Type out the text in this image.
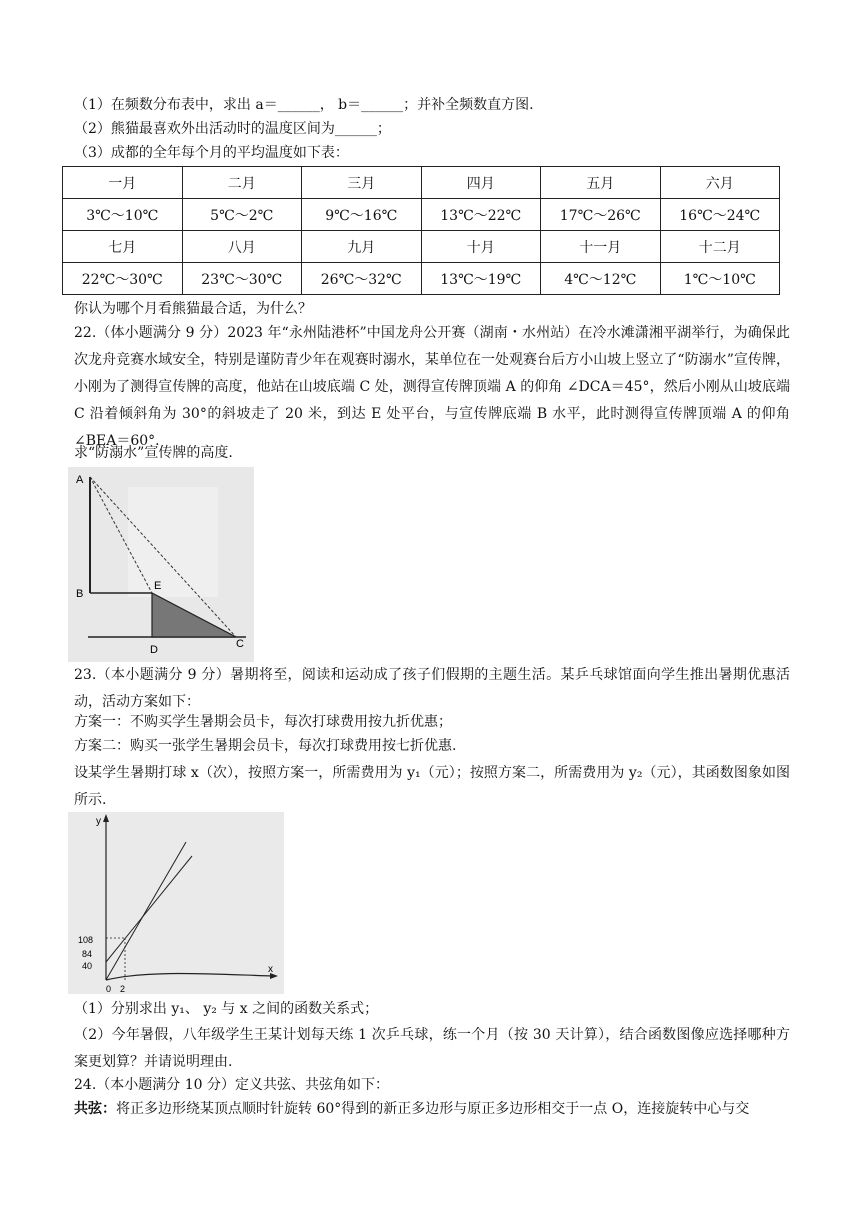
（1）在频数分布表中，求出 a＝______， b＝______；并补全频数直方图.
（2）熊猫最喜欢外出活动时的温度区间为______；
（3）成都的全年每个月的平均温度如下表：
一月	二月	三月	四月	五月	六月
3℃～10℃	5℃～2℃	9℃～16℃	13℃～22℃	17℃～26℃	16℃～24℃
七月	八月	九月	十月	十一月	十二月
22℃～30℃	23℃～30℃	26℃～32℃	13℃～19℃	4℃～12℃	1℃～10℃
你认为哪个月看熊猫最合适，为什么？
22.（体小题满分 9 分）2023 年“永州陆港杯”中国龙舟公开赛（湖南・水州站）在冷水滩潇湘平湖举行，为确保此次龙舟竞赛水域安全，特别是谨防青少年在观赛时溺水，某单位在一处观赛台后方小山坡上竖立了“防溺水”宣传牌，小刚为了测得宣传牌的高度，他站在山坡底端 C 处，测得宣传牌顶端 A 的仰角 ∠DCA＝45°，然后小刚从山坡底端 C 沿着倾斜角为 30°的斜坡走了 20 米，到达 E 处平台，与宣传牌底端 B 水平，此时测得宣传牌顶端 A 的仰角 ∠BEA＝60°.
求“防溺水”宣传牌的高度.
A
B
E
D	C
23.（本小题满分 9 分）暑期将至，阅读和运动成了孩子们假期的主题生活。某乒乓球馆面向学生推出暑期优惠活动，活动方案如下：
方案一：不购买学生暑期会员卡，每次打球费用按九折优惠；
方案二：购买一张学生暑期会员卡，每次打球费用按七折优惠.
设某学生暑期打球 x（次），按照方案一，所需费用为 y₁（元）；按照方案二，所需费用为 y₂（元），其函数图象如图所示.
y
x
108
84
40
0 2
（1）分别求出 y₁、 y₂ 与 x 之间的函数关系式；
（2）今年暑假，八年级学生王某计划每天练 1 次乒乓球，练一个月（按 30 天计算），结合函数图像应选择哪种方案更划算？并请说明理由.
24.（本小题满分 10 分）定义共弦、共弦角如下：
共弦：将正多边形绕某顶点顺时针旋转 60°得到的新正多边形与原正多边形相交于一点 O，连接旋转中心与交
